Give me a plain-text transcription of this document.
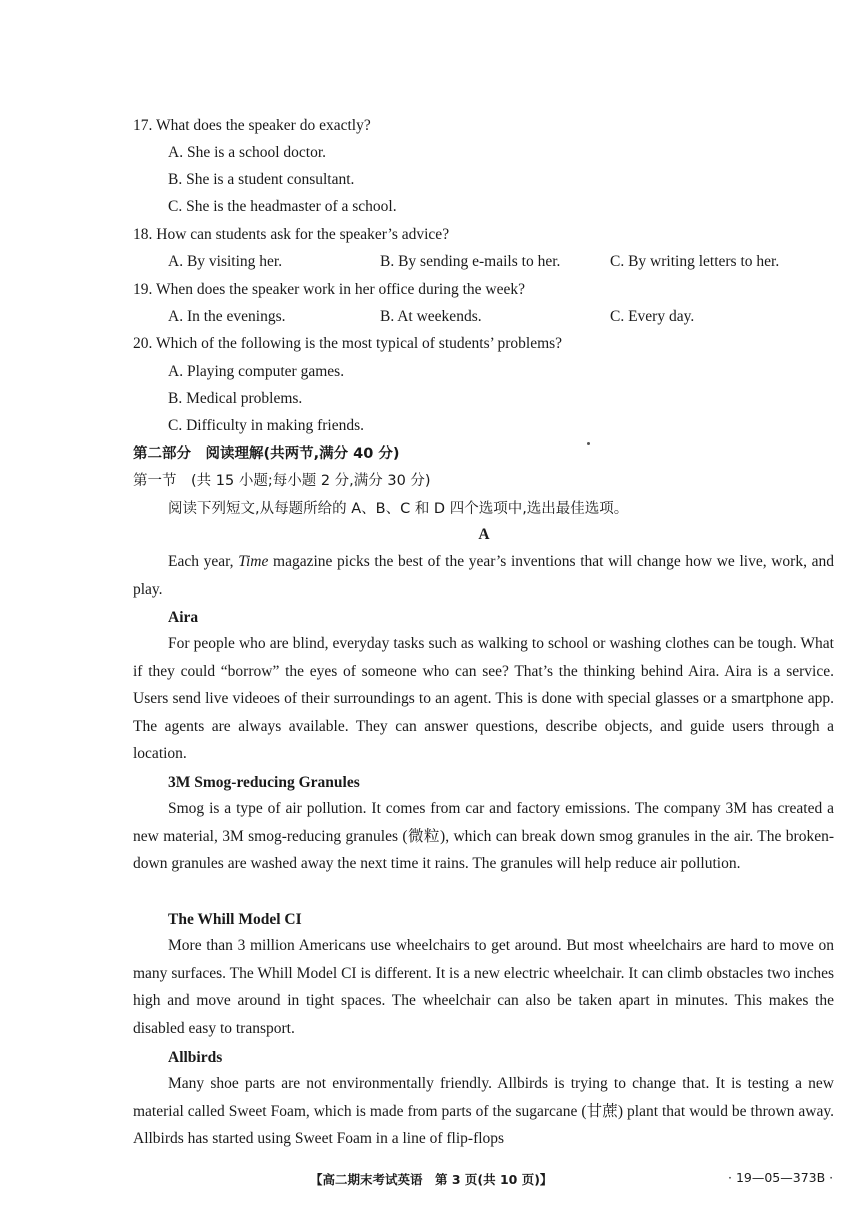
17. What does the speaker do exactly?
A. She is a school doctor.
B. She is a student consultant.
C. She is the headmaster of a school.
18. How can students ask for the speaker’s advice?
A. By visiting her.	B. By sending e-mails to her.	C. By writing letters to her.
19. When does the speaker work in her office during the week?
A. In the evenings.	B. At weekends.	C. Every day.
20. Which of the following is the most typical of students’ problems?
A. Playing computer games.
B. Medical problems.
C. Difficulty in making friends.
第二部分　阅读理解(共两节,满分 40 分)
第一节　(共 15 小题;每小题 2 分,满分 30 分)
阅读下列短文,从每题所给的 A、B、C 和 D 四个选项中,选出最佳选项。
A

Each year, Time magazine picks the best of the year’s inventions that will change how we live, work, and play.

Aira

For people who are blind, everyday tasks such as walking to school or washing clothes can be tough. What if they could “borrow” the eyes of someone who can see? That’s the thinking behind Aira. Aira is a service. Users send live videoes of their surroundings to an agent. This is done with special glasses or a smartphone app. The agents are always available. They can answer questions, describe objects, and guide users through a location.

3M Smog-reducing Granules

Smog is a type of air pollution. It comes from car and factory emissions. The company 3M has created a new material, 3M smog-reducing granules (微粒), which can break down smog granules in the air. The broken-down granules are washed away the next time it rains. The granules will help reduce air pollution.

The Whill Model CI

More than 3 million Americans use wheelchairs to get around. But most wheelchairs are hard to move on many surfaces. The Whill Model CI is different. It is a new electric wheelchair. It can climb obstacles two inches high and move around in tight spaces. The wheelchair can also be taken apart in minutes. This makes the disabled easy to transport.

Allbirds

Many shoe parts are not environmentally friendly. Allbirds is trying to change that. It is testing a new material called Sweet Foam, which is made from parts of the sugarcane (甘蔗) plant that would be thrown away. Allbirds has started using Sweet Foam in a line of flip-flops

【高二期末考试英语　第 3 页(共 10 页)】	· 19—05—373B ·
